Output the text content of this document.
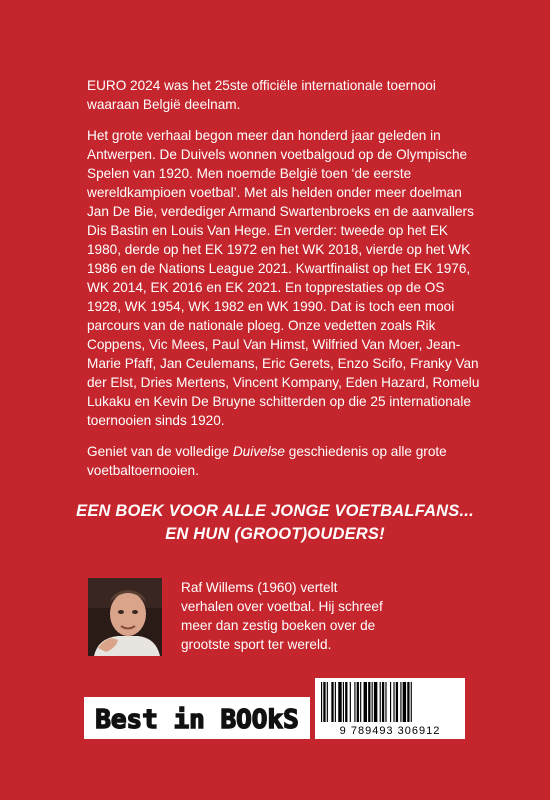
EURO 2024 was het 25ste officiële internationale toernooi waaraan België deelnam.

Het grote verhaal begon meer dan honderd jaar geleden in Antwerpen. De Duivels wonnen voetbalgoud op de Olympische Spelen van 1920. Men noemde België toen ‘de eerste wereldkampioen voetbal’. Met als helden onder meer doelman Jan De Bie, verdediger Armand Swartenbroeks en de aanvallers Dis Bastin en Louis Van Hege. En verder: tweede op het EK 1980, derde op het EK 1972 en het WK 2018, vierde op het WK 1986 en de Nations League 2021. Kwartfinalist op het EK 1976, WK 2014, EK 2016 en EK 2021. En topprestaties op de OS 1928, WK 1954, WK 1982 en WK 1990. Dat is toch een mooi parcours van de nationale ploeg. Onze vedetten zoals Rik Coppens, Vic Mees, Paul Van Himst, Wilfried Van Moer, Jean-Marie Pfaff, Jan Ceulemans, Eric Gerets, Enzo Scifo, Franky Van der Elst, Dries Mertens, Vincent Kompany, Eden Hazard, Romelu Lukaku en Kevin De Bruyne schitterden op die 25 internationale toernooien sinds 1920.

Geniet van de volledige Duivelse geschiedenis op alle grote voetbaltoernooien.

EEN BOEK VOOR ALLE JONGE VOETBALFANS...
EN HUN (GROOT)OUDERS!
Raf Willems (1960) vertelt verhalen over voetbal. Hij schreef meer dan zestig boeken over de grootste sport ter wereld.
Best in BOOkS	9 789493 306912
